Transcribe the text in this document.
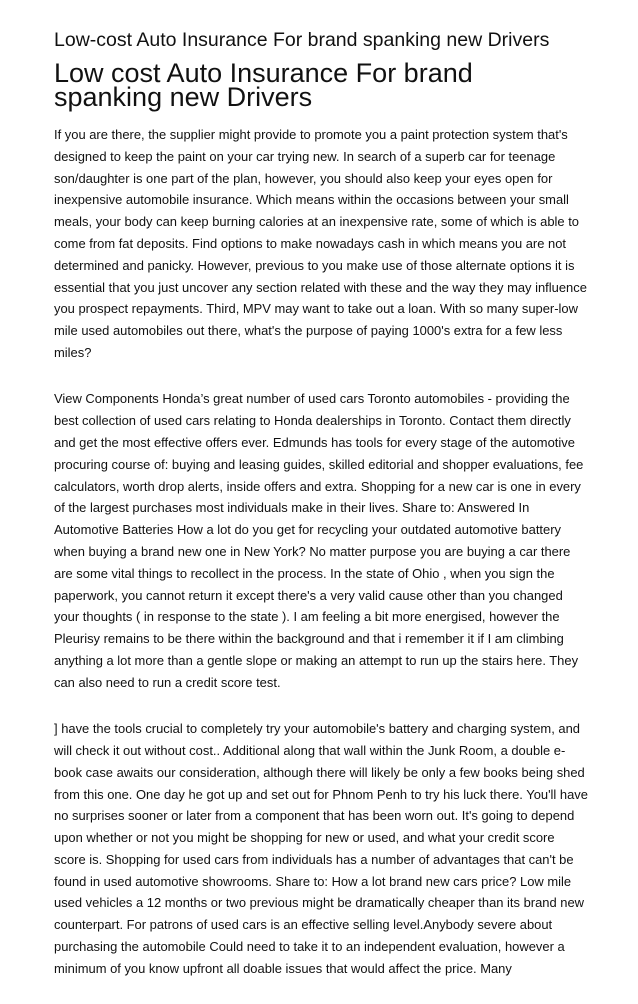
Low-cost Auto Insurance For brand spanking new Drivers
Low cost Auto Insurance For brand spanking new Drivers

If you are there, the supplier might provide to promote you a paint protection system that's designed to keep the paint on your car trying new. In search of a superb car for teenage son/daughter is one part of the plan, however, you should also keep your eyes open for inexpensive automobile insurance. Which means within the occasions between your small meals, your body can keep burning calories at an inexpensive rate, some of which is able to come from fat deposits. Find options to make nowadays cash in which means you are not determined and panicky. However, previous to you make use of those alternate options it is essential that you just uncover any section related with these and the way they may influence you prospect repayments. Third, MPV may want to take out a loan. With so many super-low mile used automobiles out there, what's the purpose of paying 1000's extra for a few less miles?

View Components Honda’s great number of used cars Toronto automobiles - providing the best collection of used cars relating to Honda dealerships in Toronto. Contact them directly and get the most effective offers ever. Edmunds has tools for every stage of the automotive procuring course of: buying and leasing guides, skilled editorial and shopper evaluations, fee calculators, worth drop alerts, inside offers and extra. Shopping for a new car is one in every of the largest purchases most individuals make in their lives. Share to: Answered In Automotive Batteries How a lot do you get for recycling your outdated automotive battery when buying a brand new one in New York? No matter purpose you are buying a car there are some vital things to recollect in the process. In the state of Ohio , when you sign the paperwork, you cannot return it except there's a very valid cause other than you changed your thoughts ( in response to the state ). I am feeling a bit more energised, however the Pleurisy remains to be there within the background and that i remember it if I am climbing anything a lot more than a gentle slope or making an attempt to run up the stairs here. They can also need to run a credit score test.

] have the tools crucial to completely try your automobile's battery and charging system, and will check it out without cost.. Additional along that wall within the Junk Room, a double e-book case awaits our consideration, although there will likely be only a few books being shed from this one. One day he got up and set out for Phnom Penh to try his luck there. You'll have no surprises sooner or later from a component that has been worn out. It's going to depend upon whether or not you might be shopping for new or used, and what your credit score score is. Shopping for used cars from individuals has a number of advantages that can't be found in used automotive showrooms. Share to: How a lot brand new cars price? Low mile used vehicles a 12 months or two previous might be dramatically cheaper than its brand new counterpart. For patrons of used cars is an effective selling level.Anybody severe about purchasing the automobile Could need to take it to an independent evaluation, however a minimum of you know upfront all doable issues that would affect the price. Many
